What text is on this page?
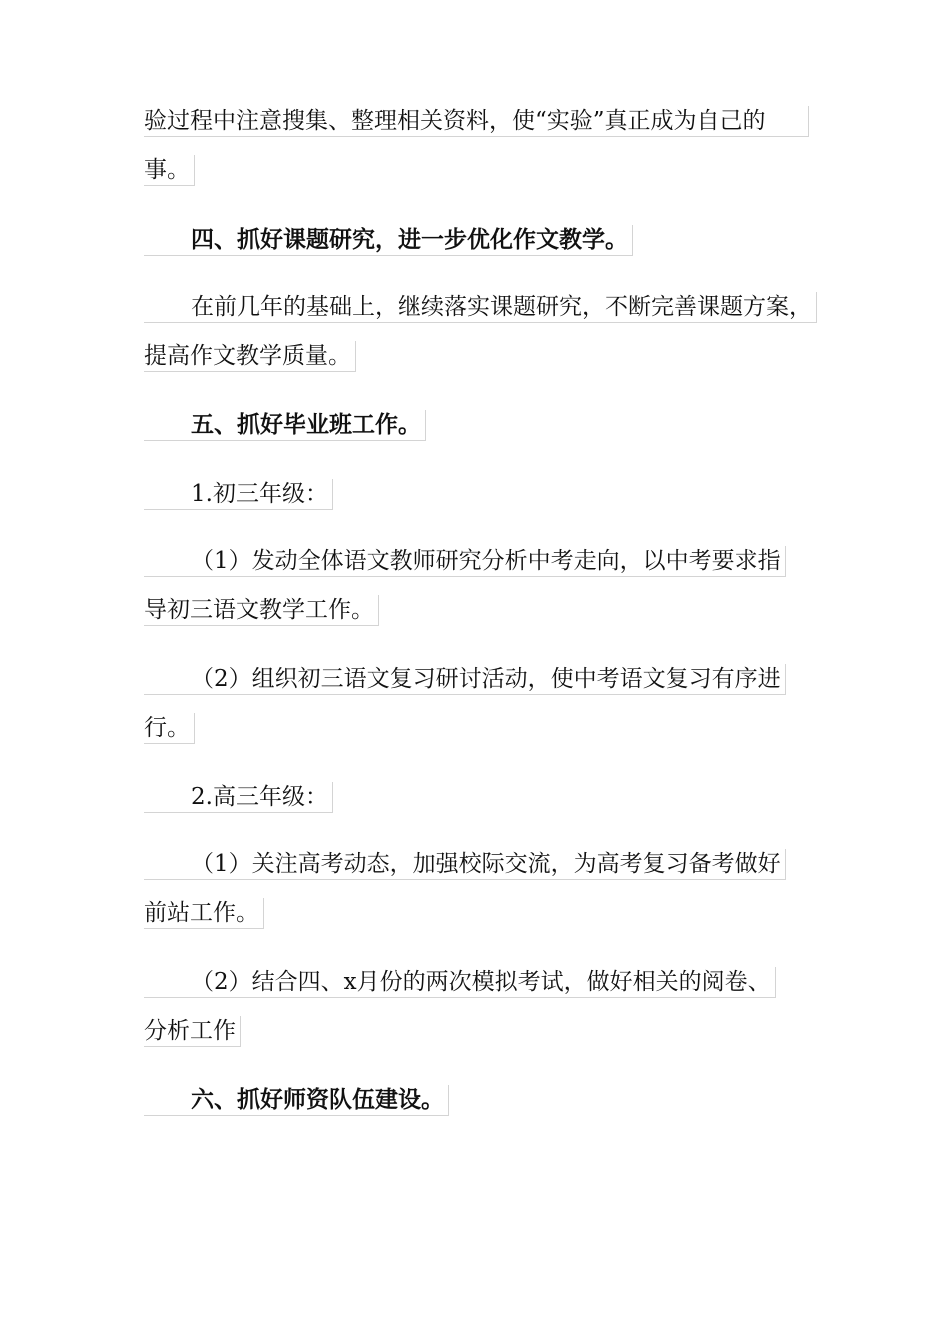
验过程中注意搜集、整理相关资料，使“实验”真正成为自己的
事。
四、抓好课题研究，进一步优化作文教学。
在前几年的基础上，继续落实课题研究，不断完善课题方案，
提高作文教学质量。
五、抓好毕业班工作。
1.初三年级：
（1）发动全体语文教师研究分析中考走向，以中考要求指
导初三语文教学工作。
（2）组织初三语文复习研讨活动，使中考语文复习有序进
行。
2.高三年级：
（1）关注高考动态，加强校际交流，为高考复习备考做好
前站工作。
（2）结合四、x月份的两次模拟考试，做好相关的阅卷、
分析工作
六、抓好师资队伍建设。
